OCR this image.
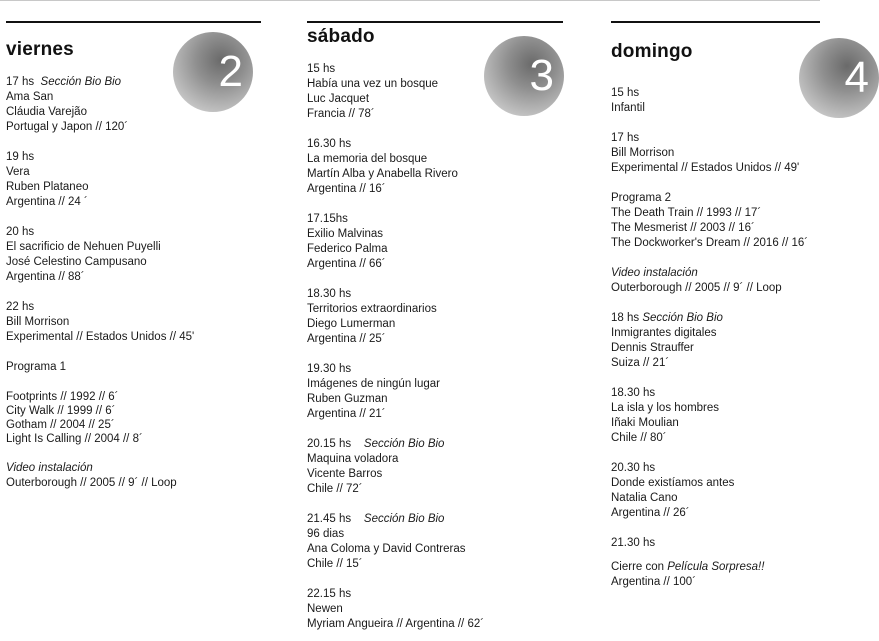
viernes	2
17 hs Sección Bio Bio
Ama San
Cláudia Varejão
Portugal y Japon // 120´
19 hs
Vera
Ruben Plataneo
Argentina // 24 ´
20 hs
El sacrificio de Nehuen Puyelli
José Celestino Campusano
Argentina // 88´
22 hs
Bill Morrison
Experimental // Estados Unidos // 45'
Programa 1
Footprints // 1992 // 6´
City Walk // 1999 // 6´
Gotham // 2004 // 25´
Light Is Calling // 2004 // 8´
Video instalación
Outerborough // 2005 // 9´ // Loop
sábado
3
15 hs
Había una vez un bosque
Luc Jacquet
Francia // 78´
16.30 hs
La memoria del bosque
Martín Alba y Anabella Rivero
Argentina // 16´
17.15hs
Exilio Malvinas
Federico Palma
Argentina // 66´
18.30 hs
Territorios extraordinarios
Diego Lumerman
Argentina // 25´
19.30 hs
Imágenes de ningún lugar
Ruben Guzman
Argentina // 21´
20.15 hs Sección Bio Bio
Maquina voladora
Vicente Barros
Chile // 72´
21.45 hs Sección Bio Bio
96 dias
Ana Coloma y David Contreras
Chile // 15´
22.15 hs
Newen
Myriam Angueira // Argentina // 62´
domingo
4
15 hs
Infantil
17 hs
Bill Morrison
Experimental // Estados Unidos // 49'
Programa 2
The Death Train // 1993 // 17´
The Mesmerist // 2003 // 16´
The Dockworker's Dream // 2016 // 16´
Video instalación
Outerborough // 2005 // 9´ // Loop
18 hs Sección Bio Bio
Inmigrantes digitales
Dennis Strauffer
Suiza // 21´
18.30 hs
La isla y los hombres
Iñaki Moulian
Chile // 80´
20.30 hs
Donde existíamos antes
Natalia Cano
Argentina // 26´
21.30 hs
Cierre con Película Sorpresa!!
Argentina // 100´
